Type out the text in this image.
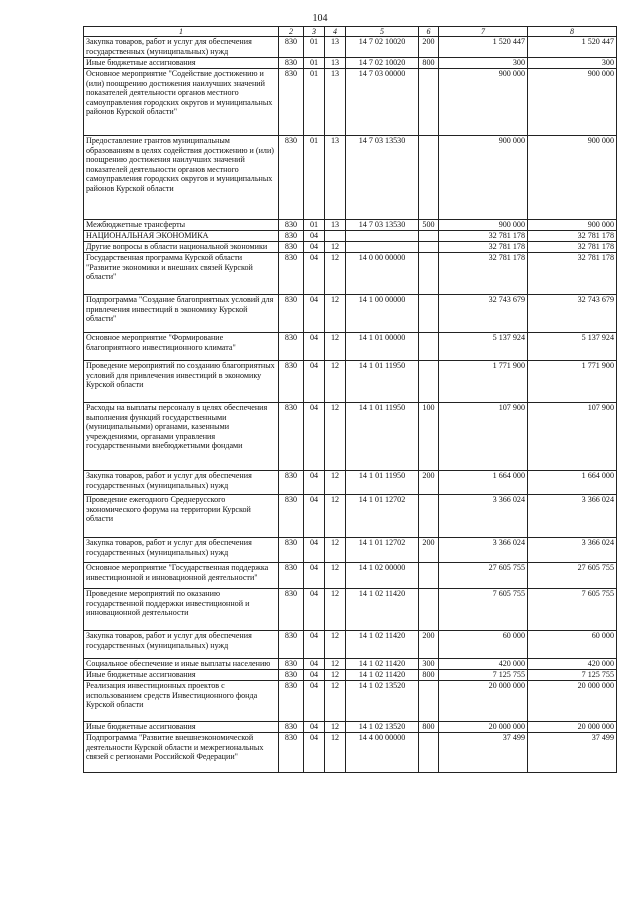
104
1	2	3	4	5	6	7	8
Закупка товаров, работ и услуг для обеспечения государственных (муниципальных) нужд	830	01	13	14 7 02 10020	200	1 520 447	1 520 447
Иные бюджетные ассигнования	830	01	13	14 7 02 10020	800	300	300
Основное мероприятие "Содействие достижению и (или) поощрению достижения наилучших значений показателей деятельности органов местного самоуправления городских округов и муниципальных районов Курской области"	830	01	13	14 7 03 00000		900 000	900 000
Предоставление грантов муниципальным образованиям в целях содействия достижению и (или) поощрению достижения наилучших значений показателей деятельности органов местного самоуправления городских округов и муниципальных районов Курской области	830	01	13	14 7 03 13530		900 000	900 000
Межбюджетные трансферты	830	01	13	14 7 03 13530	500	900 000	900 000
НАЦИОНАЛЬНАЯ ЭКОНОМИКА	830	04				32 781 178	32 781 178
Другие вопросы в области национальной экономики	830	04	12			32 781 178	32 781 178
Государственная программа Курской области "Развитие экономики и внешних связей Курской области"	830	04	12	14 0 00 00000		32 781 178	32 781 178
Подпрограмма "Создание благоприятных условий для привлечения инвестиций в экономику Курской области"	830	04	12	14 1 00 00000		32 743 679	32 743 679
Основное мероприятие "Формирование благоприятного инвестиционного климата"	830	04	12	14 1 01 00000		5 137 924	5 137 924
Проведение мероприятий по созданию благоприятных условий для привлечения инвестиций в экономику Курской области	830	04	12	14 1 01 11950		1 771 900	1 771 900
Расходы на выплаты персоналу в целях обеспечения выполнения функций государственными (муниципальными) органами, казенными учреждениями, органами управления государственными внебюджетными фондами	830	04	12	14 1 01 11950	100	107 900	107 900
Закупка товаров, работ и услуг для обеспечения государственных (муниципальных) нужд	830	04	12	14 1 01 11950	200	1 664 000	1 664 000
Проведение ежегодного Среднерусского экономического форума на территории Курской области	830	04	12	14 1 01 12702		3 366 024	3 366 024
Закупка товаров, работ и услуг для обеспечения государственных (муниципальных) нужд	830	04	12	14 1 01 12702	200	3 366 024	3 366 024
Основное мероприятие "Государственная поддержка инвестиционной и инновационной деятельности"	830	04	12	14 1 02 00000		27 605 755	27 605 755
Проведение мероприятий по оказанию государственной поддержки инвестиционной и инновационной деятельности	830	04	12	14 1 02 11420		7 605 755	7 605 755
Закупка товаров, работ и услуг для обеспечения государственных (муниципальных) нужд	830	04	12	14 1 02 11420	200	60 000	60 000
Социальное обеспечение и иные выплаты населению	830	04	12	14 1 02 11420	300	420 000	420 000
Иные бюджетные ассигнования	830	04	12	14 1 02 11420	800	7 125 755	7 125 755
Реализация инвестиционных проектов с использованием средств Инвестиционного фонда Курской области	830	04	12	14 1 02 13520		20 000 000	20 000 000
Иные бюджетные ассигнования	830	04	12	14 1 02 13520	800	20 000 000	20 000 000
Подпрограмма "Развитие внешнеэкономической деятельности Курской области и межрегиональных связей с регионами Российской Федерации"	830	04	12	14 4 00 00000		37 499	37 499
